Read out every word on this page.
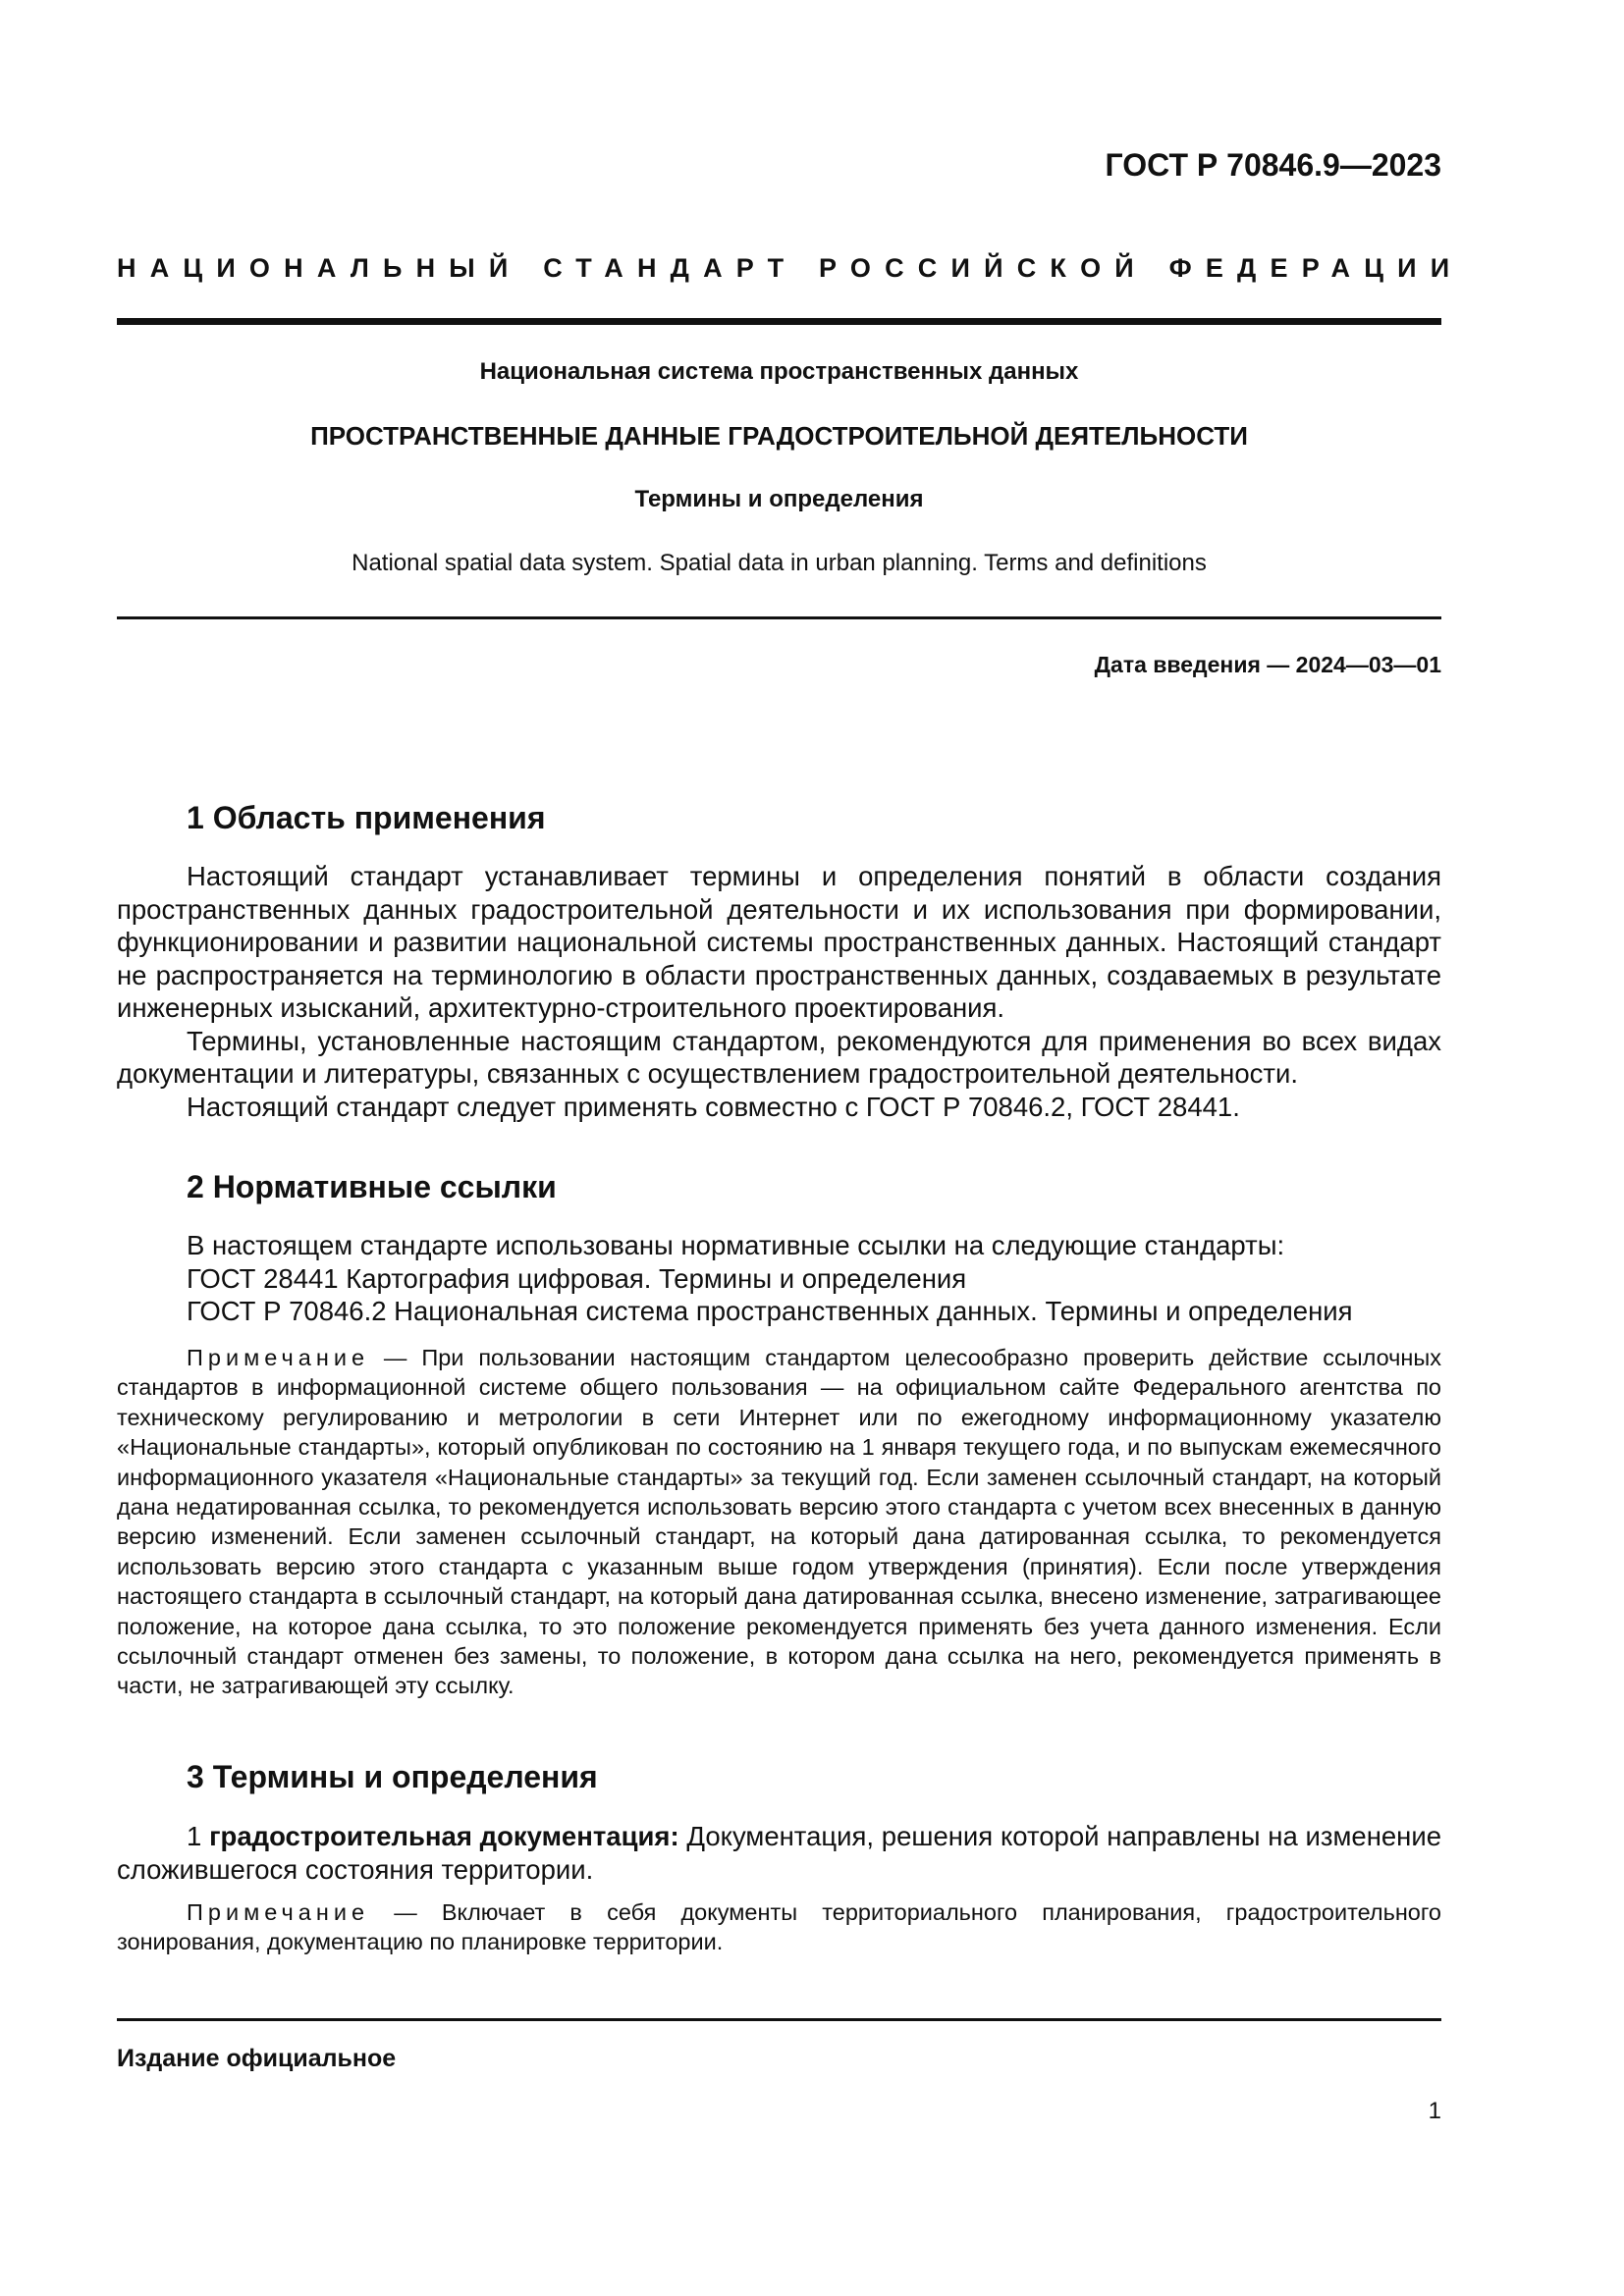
ГОСТ Р 70846.9—2023
НАЦИОНАЛЬНЫЙ СТАНДАРТ РОССИЙСКОЙ ФЕДЕРАЦИИ
Национальная система пространственных данных
ПРОСТРАНСТВЕННЫЕ ДАННЫЕ ГРАДОСТРОИТЕЛЬНОЙ ДЕЯТЕЛЬНОСТИ
Термины и определения
National spatial data system. Spatial data in urban planning. Terms and definitions
Дата введения — 2024—03—01
1 Область применения

Настоящий стандарт устанавливает термины и определения понятий в области создания пространственных данных градостроительной деятельности и их использования при формировании, функционировании и развитии национальной системы пространственных данных. Настоящий стандарт не распространяется на терминологию в области пространственных данных, создаваемых в результате инженерных изысканий, архитектурно-строительного проектирования.

Термины, установленные настоящим стандартом, рекомендуются для применения во всех видах документации и литературы, связанных с осуществлением градостроительной деятельности.

Настоящий стандарт следует применять совместно с ГОСТ Р 70846.2, ГОСТ 28441.

2 Нормативные ссылки

В настоящем стандарте использованы нормативные ссылки на следующие стандарты:

ГОСТ 28441 Картография цифровая. Термины и определения

ГОСТ Р 70846.2 Национальная система пространственных данных. Термины и определения

Примечание — При пользовании настоящим стандартом целесообразно проверить действие ссылочных стандартов в информационной системе общего пользования — на официальном сайте Федерального агентства по техническому регулированию и метрологии в сети Интернет или по ежегодному информационному указателю «Национальные стандарты», который опубликован по состоянию на 1 января текущего года, и по выпускам ежемесячного информационного указателя «Национальные стандарты» за текущий год. Если заменен ссылочный стандарт, на который дана недатированная ссылка, то рекомендуется использовать версию этого стандарта с учетом всех внесенных в данную версию изменений. Если заменен ссылочный стандарт, на который дана датированная ссылка, то рекомендуется использовать версию этого стандарта с указанным выше годом утверждения (принятия). Если после утверждения настоящего стандарта в ссылочный стандарт, на который дана датированная ссылка, внесено изменение, затрагивающее положение, на которое дана ссылка, то это положение рекомендуется применять без учета данного изменения. Если ссылочный стандарт отменен без замены, то положение, в котором дана ссылка на него, рекомендуется применять в части, не затрагивающей эту ссылку.

3 Термины и определения

1 градостроительная документация: Документация, решения которой направлены на изменение сложившегося состояния территории.

Примечание — Включает в себя документы территориального планирования, градостроительного зонирования, документацию по планировке территории.

Издание официальное
1
